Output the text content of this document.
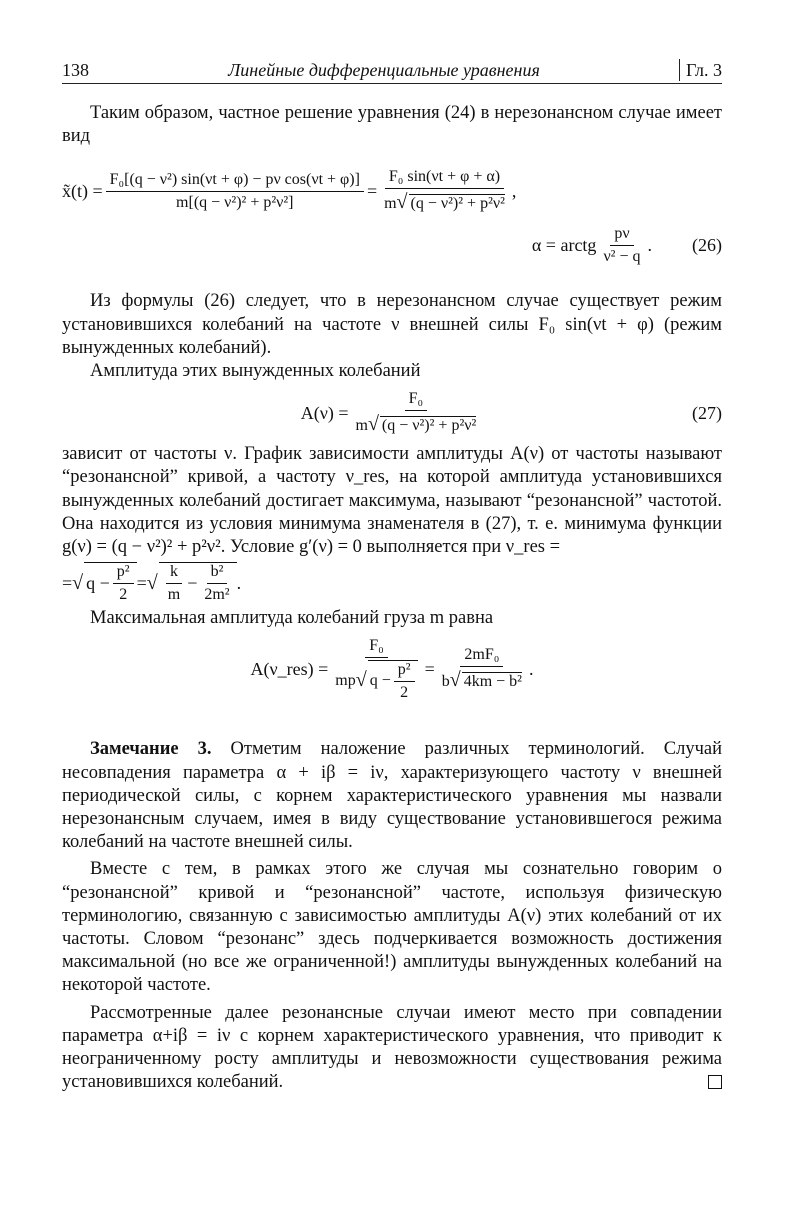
138	Линейные дифференциальные уравнения	Гл. 3

Таким образом, частное решение уравнения (24) в нерезонансном случае имеет вид

x̃(t) = $\frac{\text{F₀[(q − ν²) sin(νt + φ) − pν cos(νt + φ)]}}{\text{m[(q − ν²)² + p²ν²]}} = \frac{\text{F₀ sin(νt + φ + α)}}{\text{m√ (q − ν²)² + p²ν²}}$ ,
α = arctg $\frac{p\nu}{\text{ν² − q}}$ . (26)

Из формулы (26) следует, что в нерезонансном случае существует режим установившихся колебаний на частоте ν внешней силы F₀ sin(νt + φ) (режим вынужденных колебаний).

Амплитуда этих вынужденных колебаний

$A(\nu) = \frac{\text{F₀}}{\text{m√ (q − ν²)² + p²ν²}}$	(27)

зависит от частоты ν. График зависимости амплитуды A(ν) от частоты называют “резонансной” кривой, а частоту ν_res, на которой амплитуда установившихся вынужденных колебаний достигает максимума, называют “резонансной” частотой. Она находится из условия минимума знаменателя в (27), т. е. минимума функции g(ν) = (q − ν²)² + p²ν². Условие g′(ν) = 0 выполняется при ν_res =

= √ $q - \frac{\text{p²}}{2}$ = √ $\frac{k}{m} - \frac{\text{b²}}{\text{2m²}}$ .

Максимальная амплитуда колебаний груза m равна

A(ν_res) = $\frac{\text{F₀}}{mp √ q - \frac{\text{p²}}{2}} = \frac{\text{2mF₀}}{\text{b√ 4km − b²}}$ .

Замечание 3. Отметим наложение различных терминологий. Случай несовпадения параметра α + iβ = iν, характеризующего частоту ν внешней периодической силы, с корнем характеристического уравнения мы назвали нерезонансным случаем, имея в виду существование установившегося режима колебаний на частоте внешней силы.

Вместе с тем, в рамках этого же случая мы сознательно говорим о “резонансной” кривой и “резонансной” частоте, используя физическую терминологию, связанную с зависимостью амплитуды A(ν) этих колебаний от их частоты. Словом “резонанс” здесь подчеркивается возможность достижения максимальной (но все же ограниченной!) амплитуды вынужденных колебаний на некоторой частоте.

Рассмотренные далее резонансные случаи имеют место при совпадении параметра α+iβ = iν с корнем характеристического уравнения, что приводит к неограниченному росту амплитуды и невозможности существования режима установившихся колебаний.
